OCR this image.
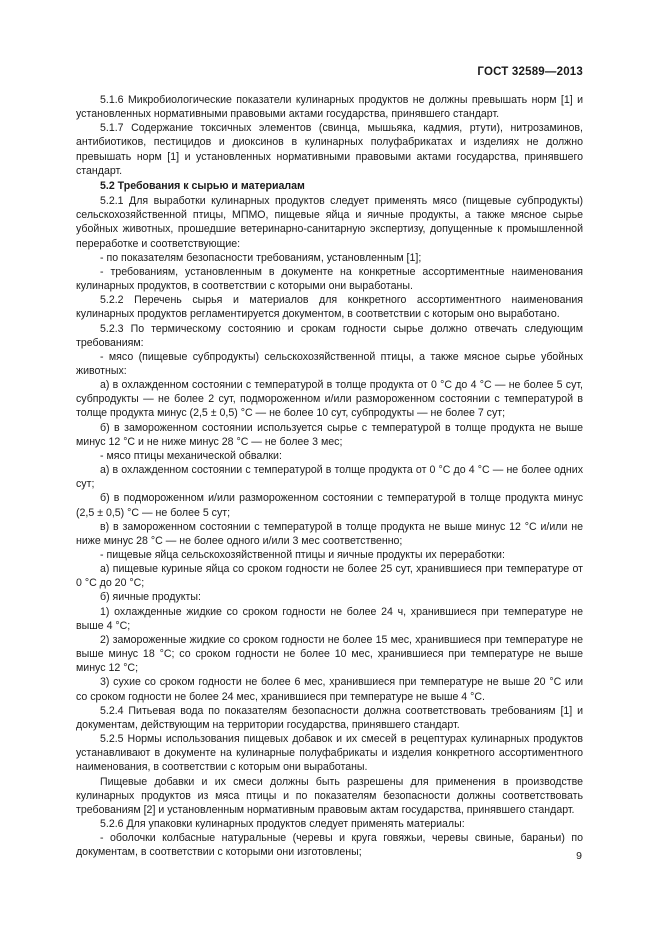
ГОСТ 32589—2013

5.1.6 Микробиологические показатели кулинарных продуктов не должны превышать норм [1] и установленных нормативными правовыми актами государства, принявшего стандарт.

5.1.7 Содержание токсичных элементов (свинца, мышьяка, кадмия, ртути), нитрозаминов, антибиотиков, пестицидов и диоксинов в кулинарных полуфабрикатах и изделиях не должно превышать норм [1] и установленных нормативными правовыми актами государства, принявшего стандарт.

5.2 Требования к сырью и материалам

5.2.1 Для выработки кулинарных продуктов следует применять мясо (пищевые субпродукты) сельскохозяйственной птицы, МПМО, пищевые яйца и яичные продукты, а также мясное сырье убойных животных, прошедшие ветеринарно-санитарную экспертизу, допущенные к промышленной переработке и соответствующие:

- по показателям безопасности требованиям, установленным [1];

- требованиям, установленным в документе на конкретные ассортиментные наименования кулинарных продуктов, в соответствии с которыми они выработаны.

5.2.2 Перечень сырья и материалов для конкретного ассортиментного наименования кулинарных продуктов регламентируется документом, в соответствии с которым оно выработано.

5.2.3 По термическому состоянию и срокам годности сырье должно отвечать следующим требованиям:

- мясо (пищевые субпродукты) сельскохозяйственной птицы, а также мясное сырье убойных животных:

а) в охлажденном состоянии с температурой в толще продукта от 0 °С до 4 °С — не более 5 сут, субпродукты — не более 2 сут, подмороженном и/или размороженном состоянии с температурой в толще продукта минус (2,5 ± 0,5) °С — не более 10 сут, субпродукты — не более 7 сут;

б) в замороженном состоянии используется сырье с температурой в толще продукта не выше минус 12 °С и не ниже минус 28 °С — не более 3 мес;

- мясо птицы механической обвалки:

а) в охлажденном состоянии с температурой в толще продукта от 0 °С до 4 °С — не более одних сут;

б) в подмороженном и/или размороженном состоянии с температурой в толще продукта минус (2,5 ± 0,5) °С — не более 5 сут;

в) в замороженном состоянии с температурой в толще продукта не выше минус 12 °С и/или не ниже минус 28 °С — не более одного и/или 3 мес соответственно;

- пищевые яйца сельскохозяйственной птицы и яичные продукты их переработки:

а) пищевые куриные яйца со сроком годности не более 25 сут, хранившиеся при температуре от 0 °С до 20 °С;

б) яичные продукты:

1) охлажденные жидкие со сроком годности не более 24 ч, хранившиеся при температуре не выше 4 °С;

2) замороженные жидкие со сроком годности не более 15 мес, хранившиеся при температуре не выше минус 18 °С; со сроком годности не более 10 мес, хранившиеся при температуре не выше минус 12 °С;

3) сухие со сроком годности не более 6 мес, хранившиеся при температуре не выше 20 °С или со сроком годности не более 24 мес, хранившиеся при температуре не выше 4 °С.

5.2.4 Питьевая вода по показателям безопасности должна соответствовать требованиям [1] и документам, действующим на территории государства, принявшего стандарт.

5.2.5 Нормы использования пищевых добавок и их смесей в рецептурах кулинарных продуктов устанавливают в документе на кулинарные полуфабрикаты и изделия конкретного ассортиментного наименования, в соответствии с которым они выработаны.

Пищевые добавки и их смеси должны быть разрешены для применения в производстве кулинарных продуктов из мяса птицы и по показателям безопасности должны соответствовать требованиям [2] и установленным нормативным правовым актам государства, принявшего стандарт.

5.2.6 Для упаковки кулинарных продуктов следует применять материалы:

- оболочки колбасные натуральные (черевы и круга говяжьи, черевы свиные, бараньи) по документам, в соответствии с которыми они изготовлены;	9
